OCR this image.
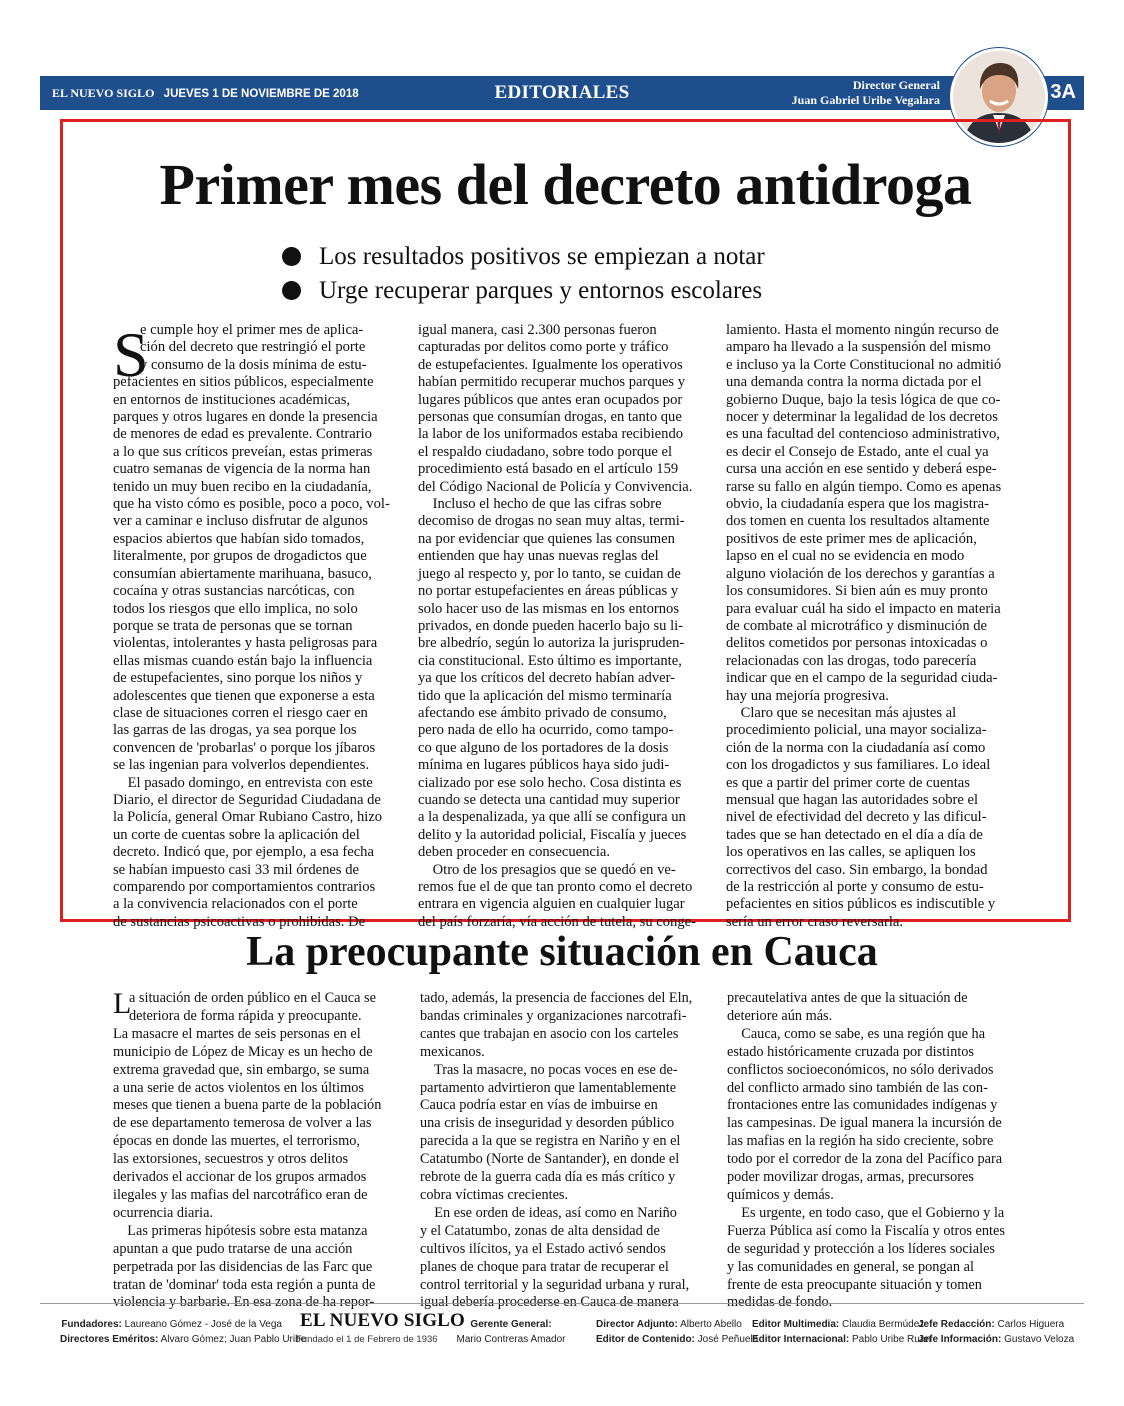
EL NUEVO SIGLO JUEVES 1 DE NOVIEMBRE DE 2018	EDITORIALES	Director General
Juan Gabriel Uribe Vegalara	3A
Primer mes del decreto antidroga
Los resultados positivos se empiezan a notar
Urge recuperar parques y entornos escolares
S
e cumple hoy el primer mes de aplica-
ción del decreto que restringió el porte
y consumo de la dosis mínima de estu-
pefacientes en sitios públicos, especialmente
en entornos de instituciones académicas,
parques y otros lugares en donde la presencia
de menores de edad es prevalente. Contrario
a lo que sus críticos preveían, estas primeras
cuatro semanas de vigencia de la norma han
tenido un muy buen recibo en la ciudadanía,
que ha visto cómo es posible, poco a poco, vol-
ver a caminar e incluso disfrutar de algunos
espacios abiertos que habían sido tomados,
literalmente, por grupos de drogadictos que
consumían abiertamente marihuana, basuco,
cocaína y otras sustancias narcóticas, con
todos los riesgos que ello implica, no solo
porque se trata de personas que se tornan
violentas, intolerantes y hasta peligrosas para
ellas mismas cuando están bajo la influencia
de estupefacientes, sino porque los niños y
adolescentes que tienen que exponerse a esta
clase de situaciones corren el riesgo caer en
las garras de las drogas, ya sea porque los
convencen de 'probarlas' o porque los jíbaros
se las ingenian para volverlos dependientes.
El pasado domingo, en entrevista con este
Diario, el director de Seguridad Ciudadana de
la Policía, general Omar Rubiano Castro, hizo
un corte de cuentas sobre la aplicación del
decreto. Indicó que, por ejemplo, a esa fecha
se habían impuesto casi 33 mil órdenes de
comparendo por comportamientos contrarios
a la convivencia relacionados con el porte
de sustancias psicoactivas o prohibidas. De
igual manera, casi 2.300 personas fueron
capturadas por delitos como porte y tráfico
de estupefacientes. Igualmente los operativos
habían permitido recuperar muchos parques y
lugares públicos que antes eran ocupados por
personas que consumían drogas, en tanto que
la labor de los uniformados estaba recibiendo
el respaldo ciudadano, sobre todo porque el
procedimiento está basado en el artículo 159
del Código Nacional de Policía y Convivencia.
Incluso el hecho de que las cifras sobre
decomiso de drogas no sean muy altas, termi-
na por evidenciar que quienes las consumen
entienden que hay unas nuevas reglas del
juego al respecto y, por lo tanto, se cuidan de
no portar estupefacientes en áreas públicas y
solo hacer uso de las mismas en los entornos
privados, en donde pueden hacerlo bajo su li-
bre albedrío, según lo autoriza la jurispruden-
cia constitucional. Esto último es importante,
ya que los críticos del decreto habían adver-
tido que la aplicación del mismo terminaría
afectando ese ámbito privado de consumo,
pero nada de ello ha ocurrido, como tampo-
co que alguno de los portadores de la dosis
mínima en lugares públicos haya sido judi-
cializado por ese solo hecho. Cosa distinta es
cuando se detecta una cantidad muy superior
a la despenalizada, ya que allí se configura un
delito y la autoridad policial, Fiscalía y jueces
deben proceder en consecuencia.
Otro de los presagios que se quedó en ve-
remos fue el de que tan pronto como el decreto
entrara en vigencia alguien en cualquier lugar
del país forzaría, vía acción de tutela, su conge-
lamiento. Hasta el momento ningún recurso de
amparo ha llevado a la suspensión del mismo
e incluso ya la Corte Constitucional no admitió
una demanda contra la norma dictada por el
gobierno Duque, bajo la tesis lógica de que co-
nocer y determinar la legalidad de los decretos
es una facultad del contencioso administrativo,
es decir el Consejo de Estado, ante el cual ya
cursa una acción en ese sentido y deberá espe-
rarse su fallo en algún tiempo. Como es apenas
obvio, la ciudadanía espera que los magistra-
dos tomen en cuenta los resultados altamente
positivos de este primer mes de aplicación,
lapso en el cual no se evidencia en modo
alguno violación de los derechos y garantías a
los consumidores. Si bien aún es muy pronto
para evaluar cuál ha sido el impacto en materia
de combate al microtráfico y disminución de
delitos cometidos por personas intoxicadas o
relacionadas con las drogas, todo parecería
indicar que en el campo de la seguridad ciuda-
hay una mejoría progresiva.
Claro que se necesitan más ajustes al
procedimiento policial, una mayor socializa-
ción de la norma con la ciudadanía así como
con los drogadictos y sus familiares. Lo ideal
es que a partir del primer corte de cuentas
mensual que hagan las autoridades sobre el
nivel de efectividad del decreto y las dificul-
tades que se han detectado en el día a día de
los operativos en las calles, se apliquen los
correctivos del caso. Sin embargo, la bondad
de la restricción al porte y consumo de estu-
pefacientes en sitios públicos es indiscutible y
sería un error craso reversarla.
La preocupante situación en Cauca
L
a situación de orden público en el Cauca se
deteriora de forma rápida y preocupante.
La masacre el martes de seis personas en el
municipio de López de Micay es un hecho de
extrema gravedad que, sin embargo, se suma
a una serie de actos violentos en los últimos
meses que tienen a buena parte de la población
de ese departamento temerosa de volver a las
épocas en donde las muertes, el terrorismo,
las extorsiones, secuestros y otros delitos
derivados el accionar de los grupos armados
ilegales y las mafias del narcotráfico eran de
ocurrencia diaria.
Las primeras hipótesis sobre esta matanza
apuntan a que pudo tratarse de una acción
perpetrada por las disidencias de las Farc que
tratan de 'dominar' toda esta región a punta de
violencia y barbarie. En esa zona de ha repor-
tado, además, la presencia de facciones del Eln,
bandas criminales y organizaciones narcotrafi-
cantes que trabajan en asocio con los carteles
mexicanos.
Tras la masacre, no pocas voces en ese de-
partamento advirtieron que lamentablemente
Cauca podría estar en vías de imbuirse en
una crisis de inseguridad y desorden público
parecida a la que se registra en Nariño y en el
Catatumbo (Norte de Santander), en donde el
rebrote de la guerra cada día es más crítico y
cobra víctimas crecientes.
En ese orden de ideas, así como en Nariño
y el Catatumbo, zonas de alta densidad de
cultivos ilícitos, ya el Estado activó sendos
planes de choque para tratar de recuperar el
control territorial y la seguridad urbana y rural,
igual debería procederse en Cauca de manera
precautelativa antes de que la situación de
deteriore aún más.
Cauca, como se sabe, es una región que ha
estado históricamente cruzada por distintos
conflictos socioeconómicos, no sólo derivados
del conflicto armado sino también de las con-
frontaciones entre las comunidades indígenas y
las campesinas. De igual manera la incursión de
las mafias en la región ha sido creciente, sobre
todo por el corredor de la zona del Pacífico para
poder movilizar drogas, armas, precursores
químicos y demás.
Es urgente, en todo caso, que el Gobierno y la
Fuerza Pública así como la Fiscalía y otros entes
de seguridad y protección a los líderes sociales
y las comunidades en general, se pongan al
frente de esta preocupante situación y tomen
medidas de fondo.
Fundadores: Laureano Gómez - José de la Vega
Directores Eméritos: Alvaro Gómez; Juan Pablo Uribe
EL NUEVO SIGLO
Fundado el 1 de Febrero de 1936
Gerente General:
Mario Contreras Amador
Director Adjunto: Alberto Abello
Editor de Contenido: José Peñuela
Editor Multimedia: Claudia Bermúdez
Editor Internacional: Pablo Uribe Ruan
Jefe Redacción: Carlos Higuera
Jefe Información: Gustavo Veloza
